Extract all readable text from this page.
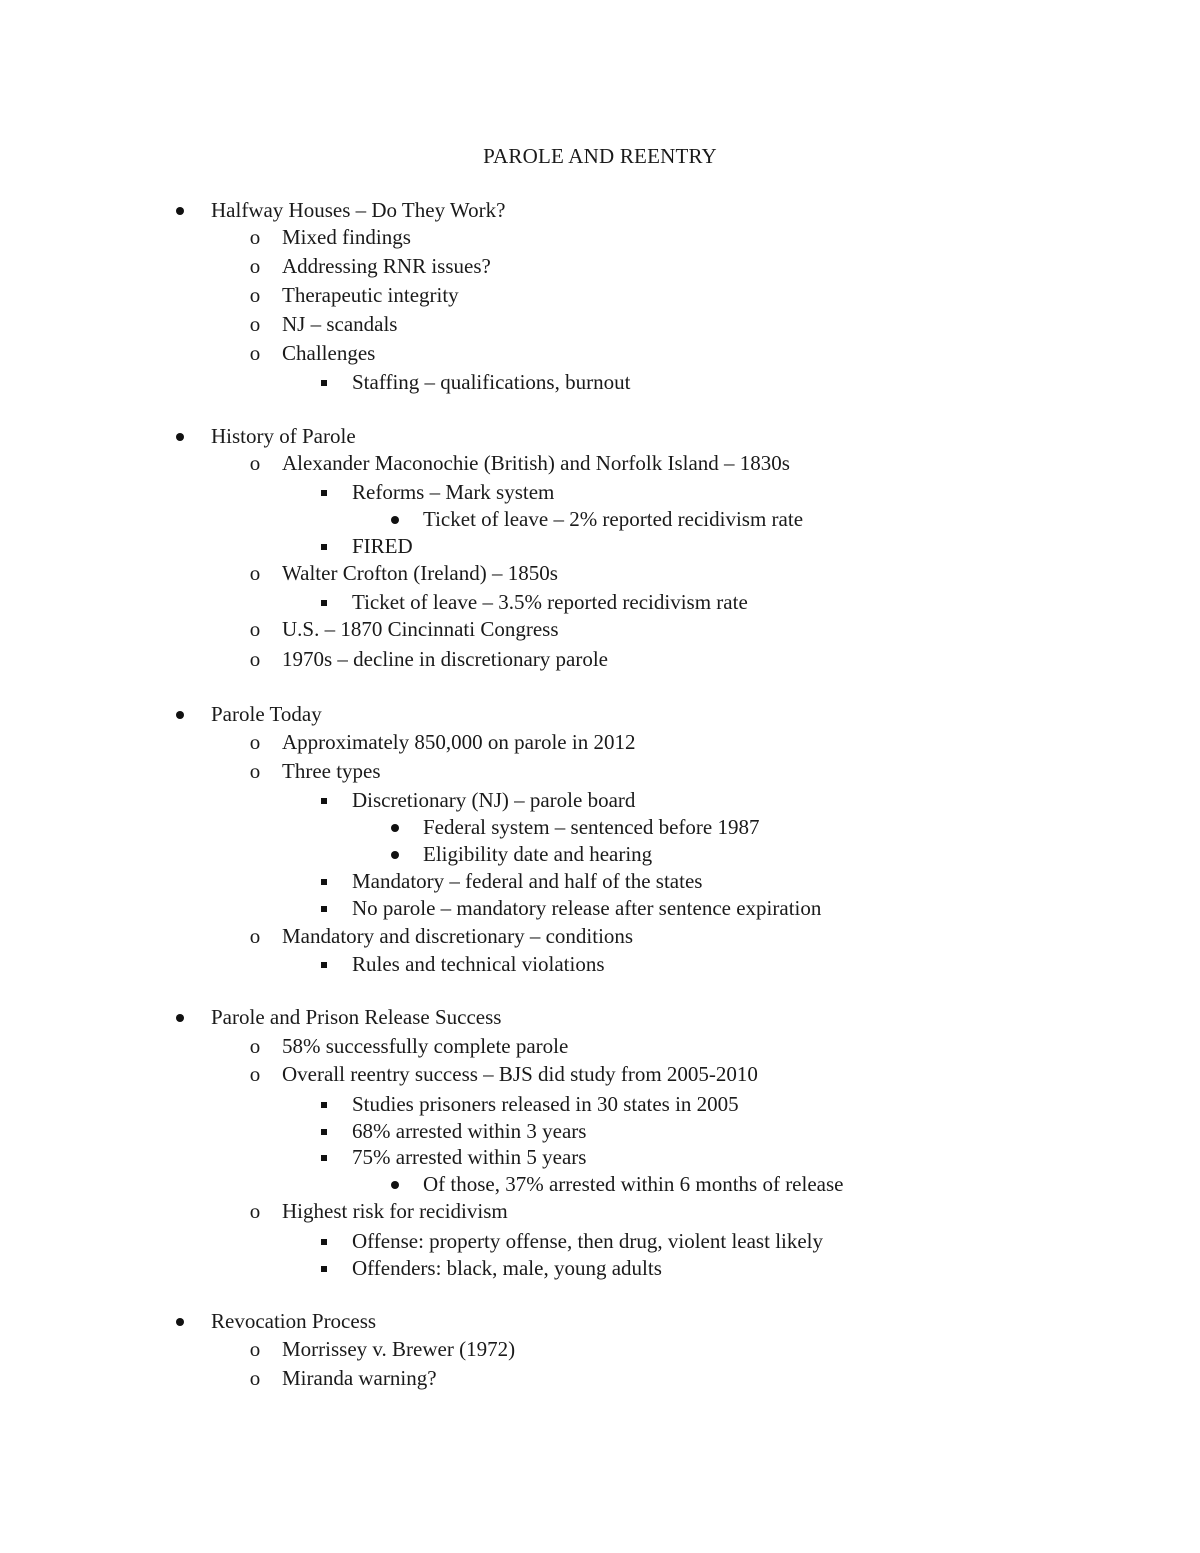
PAROLE AND REENTRY
Halfway Houses – Do They Work?
o	Mixed findings
o	Addressing RNR issues?
o	Therapeutic integrity
o	NJ – scandals
o	Challenges
Staffing – qualifications, burnout
History of Parole
o	Alexander Maconochie (British) and Norfolk Island – 1830s
Reforms – Mark system
Ticket of leave – 2% reported recidivism rate
FIRED
o	Walter Crofton (Ireland) – 1850s
Ticket of leave – 3.5% reported recidivism rate
o	U.S. – 1870 Cincinnati Congress
o	1970s – decline in discretionary parole
Parole Today
o	Approximately 850,000 on parole in 2012
o	Three types
Discretionary (NJ) – parole board
Federal system – sentenced before 1987
Eligibility date and hearing
Mandatory – federal and half of the states
No parole – mandatory release after sentence expiration
o	Mandatory and discretionary – conditions
Rules and technical violations
Parole and Prison Release Success
o	58% successfully complete parole
o	Overall reentry success – BJS did study from 2005-2010
Studies prisoners released in 30 states in 2005
68% arrested within 3 years
75% arrested within 5 years
Of those, 37% arrested within 6 months of release
o	Highest risk for recidivism
Offense: property offense, then drug, violent least likely
Offenders: black, male, young adults
Revocation Process
o	Morrissey v. Brewer (1972)
o	Miranda warning?
